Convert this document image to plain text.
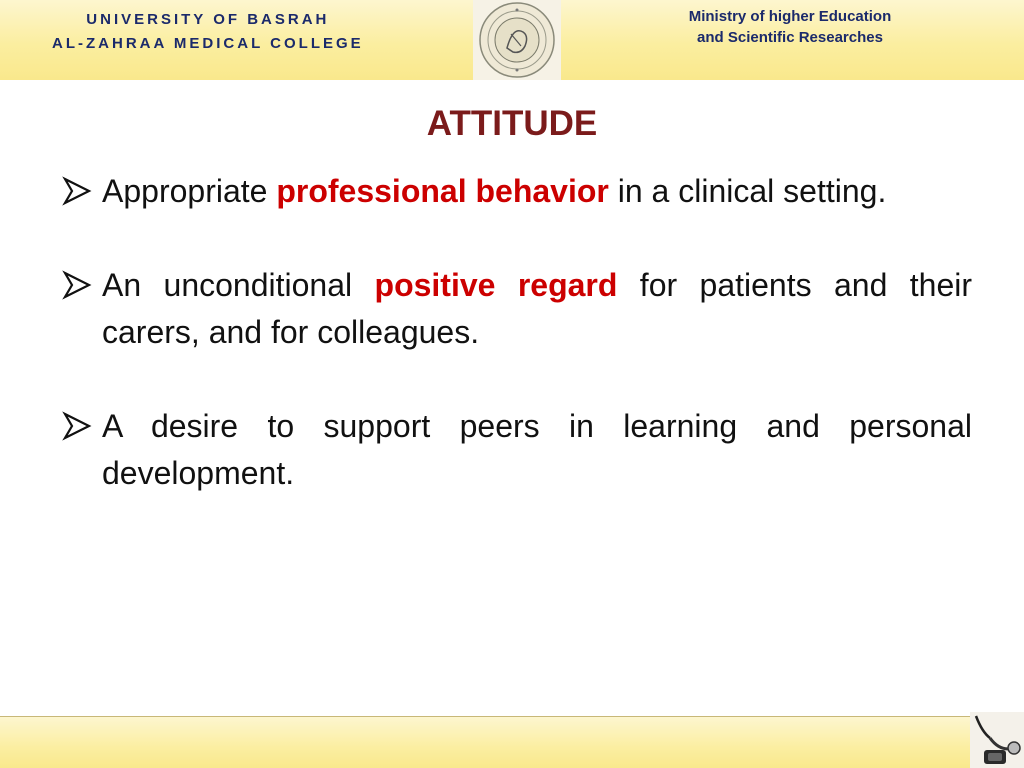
UNIVERSITY OF BASRAH
AL-ZAHRAA MEDICAL COLLEGE
Ministry of higher Education
and Scientific Researches
ATTITUDE
Appropriate professional behavior in a clinical setting.
An unconditional positive regard for patients and their carers, and for colleagues.
A desire to support peers in learning and personal development.
